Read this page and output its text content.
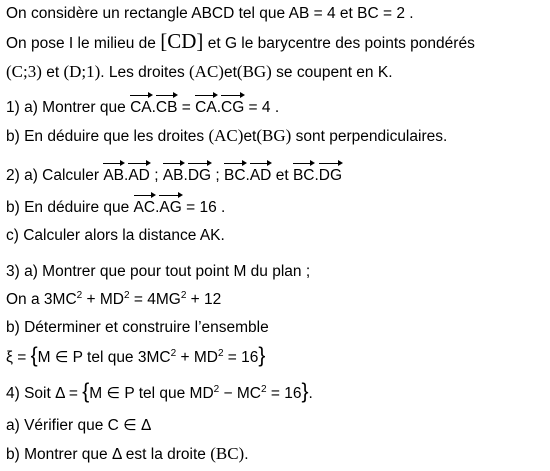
On considère un rectangle ABCD tel que AB = 4 et BC = 2 .
On pose I le milieu de [CD] et G le barycentre des points pondérés
(C;3) et (D;1). Les droites (AC)et(BG) se coupent en K.
1) a) Montrer que CA.CB = CA.CG = 4 .
b) En déduire que les droites (AC)et(BG) sont perpendiculaires.
2) a) Calculer AB.AD ; AB.DG ; BC.AD et BC.DG
b) En déduire que AC.AG = 16 .
c) Calculer alors la distance AK.
3) a) Montrer que pour tout point M du plan ;
On a $3MC^2 + MD^2 = 4MG^2 + 12$
b) Déterminer et construire l’ensemble
ξ = {M ∈ P tel que $3MC^2 + MD^2 = 16$}
4) Soit Δ = {M ∈ P tel que $MD^2 - MC^2 = 16$}.
a) Vérifier que C ∈ Δ
b) Montrer que Δ est la droite (BC).
